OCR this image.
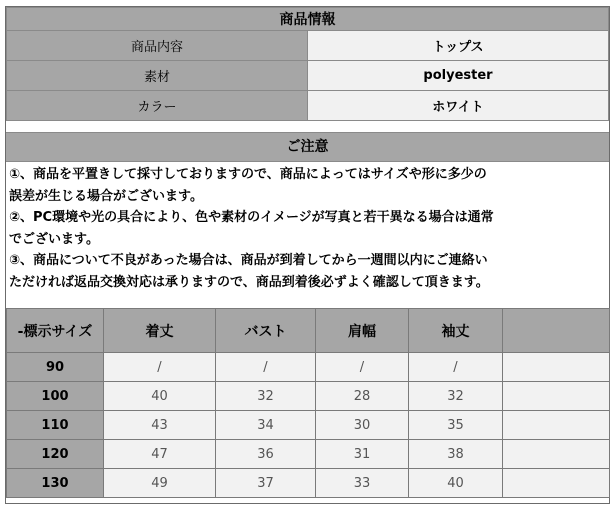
商品情報	
商品内容	トップス
素材	polyester
カラー	ホワイト
ご注意

①、商品を平置きして採寸しておりますので、商品によってはサイズや形に多少の

誤差が生じる場合がございます。

②、PC環境や光の具合により、色や素材のイメージが写真と若干異なる場合は通常

でございます。

③、商品について不良があった場合は、商品が到着してから一週間以内にご連絡い

ただければ返品交換対応は承りますので、商品到着後必ずよく確認して頂きます。

-標示サイズ	着丈	バスト	肩幅	袖丈	
90	/	/	/	/	
100	40	32	28	32	
110	43	34	30	35	
120	47	36	31	38	
130	49	37	33	40	
